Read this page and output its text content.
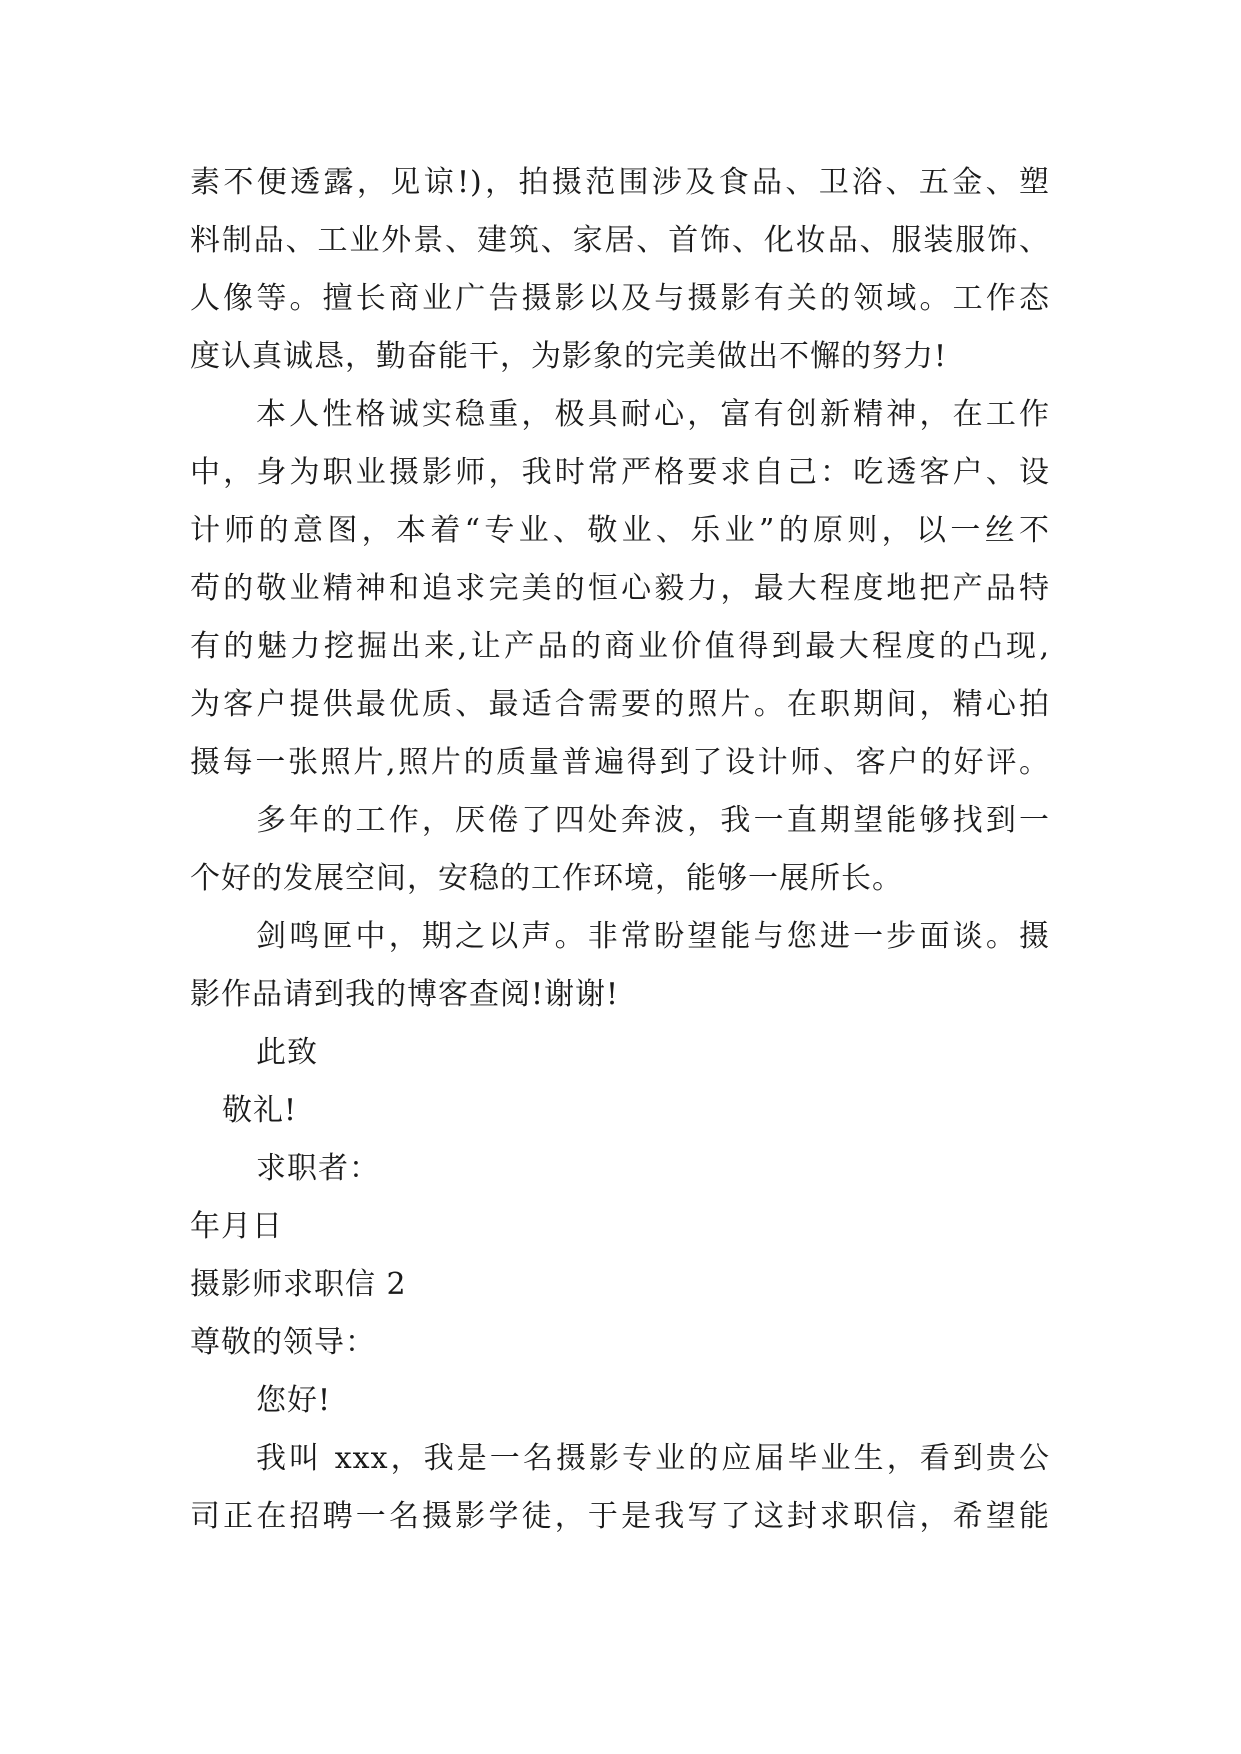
素不便透露，见谅!)，拍摄范围涉及食品、卫浴、五金、塑
料制品、工业外景、建筑、家居、首饰、化妆品、服装服饰、
人像等。擅长商业广告摄影以及与摄影有关的领域。工作态
度认真诚恳，勤奋能干，为影象的完美做出不懈的努力!
本人性格诚实稳重，极具耐心，富有创新精神，在工作
中，身为职业摄影师，我时常严格要求自己：吃透客户、设
计师的意图，本着“专业、敬业、乐业”的原则，以一丝不
苟的敬业精神和追求完美的恒心毅力，最大程度地把产品特
有的魅力挖掘出来,让产品的商业价值得到最大程度的凸现,
为客户提供最优质、最适合需要的照片。在职期间，精心拍
摄每一张照片,照片的质量普遍得到了设计师、客户的好评。
多年的工作，厌倦了四处奔波，我一直期望能够找到一
个好的发展空间，安稳的工作环境，能够一展所长。
剑鸣匣中，期之以声。非常盼望能与您进一步面谈。摄
影作品请到我的博客查阅!谢谢!
此致
敬礼!
求职者：
年月日
摄影师求职信 2
尊敬的领导：
您好!
我叫 xxx，我是一名摄影专业的应届毕业生，看到贵公
司正在招聘一名摄影学徒，于是我写了这封求职信，希望能
